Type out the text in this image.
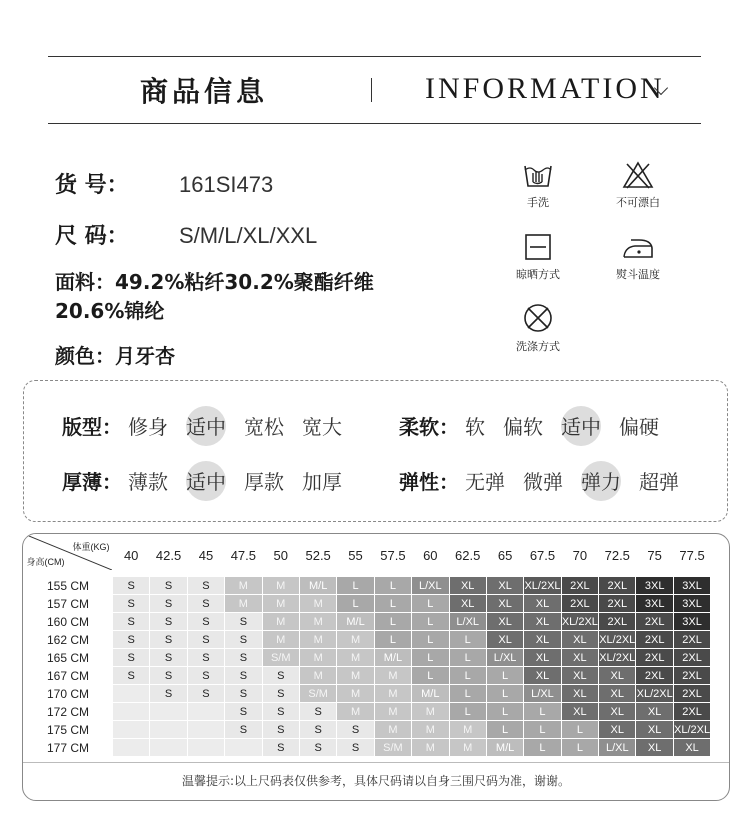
商品信息	INFORMATION
货 号： 161SI473
尺 码： S/M/L/XL/XXL
面料：49.2%粘纤30.2%聚酯纤维20.6%锦纶
颜色：月牙杏
手洗	不可漂白
晾晒方式	熨斗温度
洗涤方式
版型： 修身 适中 宽松 宽大	柔软： 软 偏软 适中 偏硬
厚薄： 薄款 适中 厚款 加厚	弹性： 无弹 微弹 弹力 超弹
体重(KG)
身高(CM)	40	42.5	45	47.5	50	52.5	55	57.5	60	62.5	65	67.5	70	72.5	75	77.5
155 CM	S	S	S	M	M	M/L	L	L	L/XL	XL	XL	XL/2XL	2XL	2XL	3XL	3XL
157 CM	S	S	S	M	M	M	L	L	L	XL	XL	XL	2XL	2XL	3XL	3XL
160 CM	S	S	S	S	M	M	M/L	L	L	L/XL	XL	XL	XL/2XL	2XL	2XL	3XL
162 CM	S	S	S	S	M	M	M	L	L	L	XL	XL	XL	XL/2XL	2XL	2XL
165 CM	S	S	S	S	S/M	M	M	M/L	L	L	L/XL	XL	XL	XL/2XL	2XL	2XL
167 CM	S	S	S	S	S	M	M	M	L	L	L	XL	XL	XL	2XL	2XL
170 CM		S	S	S	S	S/M	M	M	M/L	L	L	L/XL	XL	XL	XL/2XL	2XL
172 CM				S	S	S	M	M	M	L	L	L	XL	XL	XL	2XL
175 CM				S	S	S	S	M	M	M	L	L	L	XL	XL	XL/2XL
177 CM					S	S	S	S/M	M	M	M/L	L	L	L/XL	XL	XL
温馨提示:以上尺码表仅供参考，具体尺码请以自身三围尺码为准，谢谢。
